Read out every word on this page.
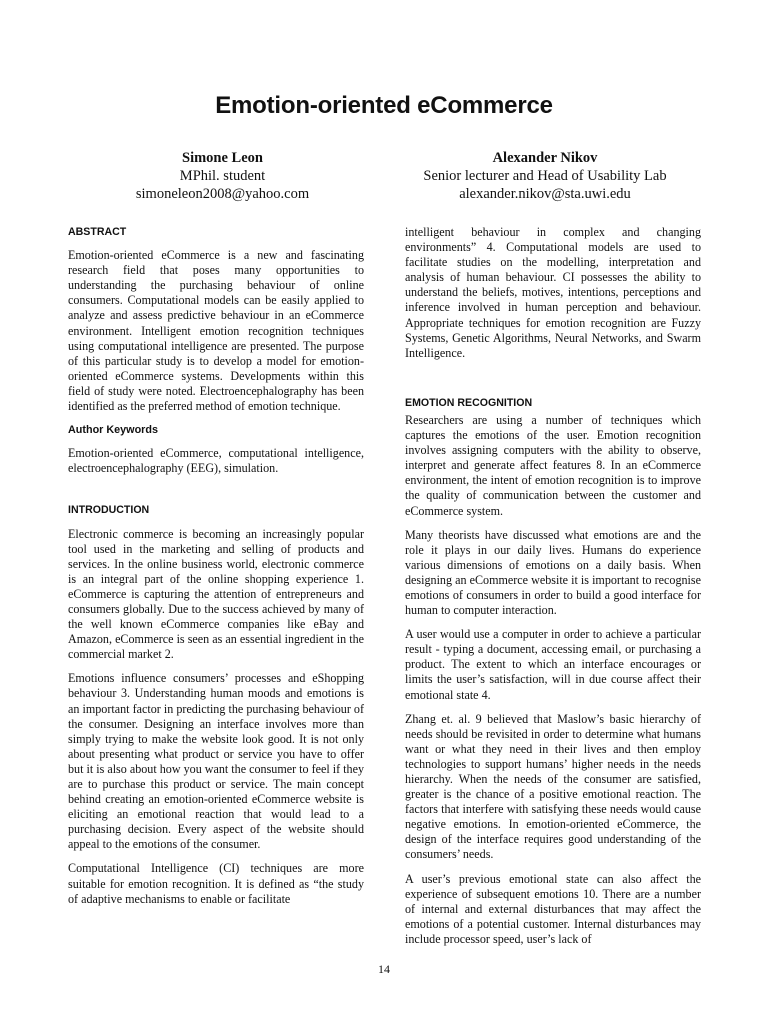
Emotion-oriented eCommerce
Simone Leon
MPhil. student
simoneleon2008@yahoo.com
Alexander Nikov
Senior lecturer and Head of Usability Lab
alexander.nikov@sta.uwi.edu
ABSTRACT

Emotion-oriented eCommerce is a new and fascinating research field that poses many opportunities to understanding the purchasing behaviour of online consumers. Computational models can be easily applied to analyze and assess predictive behaviour in an eCommerce environment. Intelligent emotion recognition techniques using computational intelligence are presented. The purpose of this particular study is to develop a model for emotion-oriented eCommerce systems. Developments within this field of study were noted. Electroencephalography has been identified as the preferred method of emotion technique.

Author Keywords

Emotion-oriented eCommerce, computational intelligence, electroencephalography (EEG), simulation.

INTRODUCTION

Electronic commerce is becoming an increasingly popular tool used in the marketing and selling of products and services. In the online business world, electronic commerce is an integral part of the online shopping experience 1. eCommerce is capturing the attention of entrepreneurs and consumers globally. Due to the success achieved by many of the well known eCommerce companies like eBay and Amazon, eCommerce is seen as an essential ingredient in the commercial market 2.

Emotions influence consumers’ processes and eShopping behaviour 3. Understanding human moods and emotions is an important factor in predicting the purchasing behaviour of the consumer. Designing an interface involves more than simply trying to make the website look good. It is not only about presenting what product or service you have to offer but it is also about how you want the consumer to feel if they are to purchase this product or service. The main concept behind creating an emotion-oriented eCommerce website is eliciting an emotional reaction that would lead to a purchasing decision. Every aspect of the website should appeal to the emotions of the consumer.

Computational Intelligence (CI) techniques are more suitable for emotion recognition. It is defined as “the study of adaptive mechanisms to enable or facilitate

intelligent behaviour in complex and changing environments” 4. Computational models are used to facilitate studies on the modelling, interpretation and analysis of human behaviour. CI possesses the ability to understand the beliefs, motives, intentions, perceptions and inference involved in human perception and behaviour. Appropriate techniques for emotion recognition are Fuzzy Systems, Genetic Algorithms, Neural Networks, and Swarm Intelligence.

EMOTION RECOGNITION

Researchers are using a number of techniques which captures the emotions of the user. Emotion recognition involves assigning computers with the ability to observe, interpret and generate affect features 8. In an eCommerce environment, the intent of emotion recognition is to improve the quality of communication between the customer and eCommerce system.

Many theorists have discussed what emotions are and the role it plays in our daily lives. Humans do experience various dimensions of emotions on a daily basis. When designing an eCommerce website it is important to recognise emotions of consumers in order to build a good interface for human to computer interaction.

A user would use a computer in order to achieve a particular result - typing a document, accessing email, or purchasing a product. The extent to which an interface encourages or limits the user’s satisfaction, will in due course affect their emotional state 4.

Zhang et. al. 9 believed that Maslow’s basic hierarchy of needs should be revisited in order to determine what humans want or what they need in their lives and then employ technologies to support humans’ higher needs in the needs hierarchy. When the needs of the consumer are satisfied, greater is the chance of a positive emotional reaction. The factors that interfere with satisfying these needs would cause negative emotions. In emotion-oriented eCommerce, the design of the interface requires good understanding of the consumers’ needs.

A user’s previous emotional state can also affect the experience of subsequent emotions 10. There are a number of internal and external disturbances that may affect the emotions of a potential customer. Internal disturbances may include processor speed, user’s lack of

14
